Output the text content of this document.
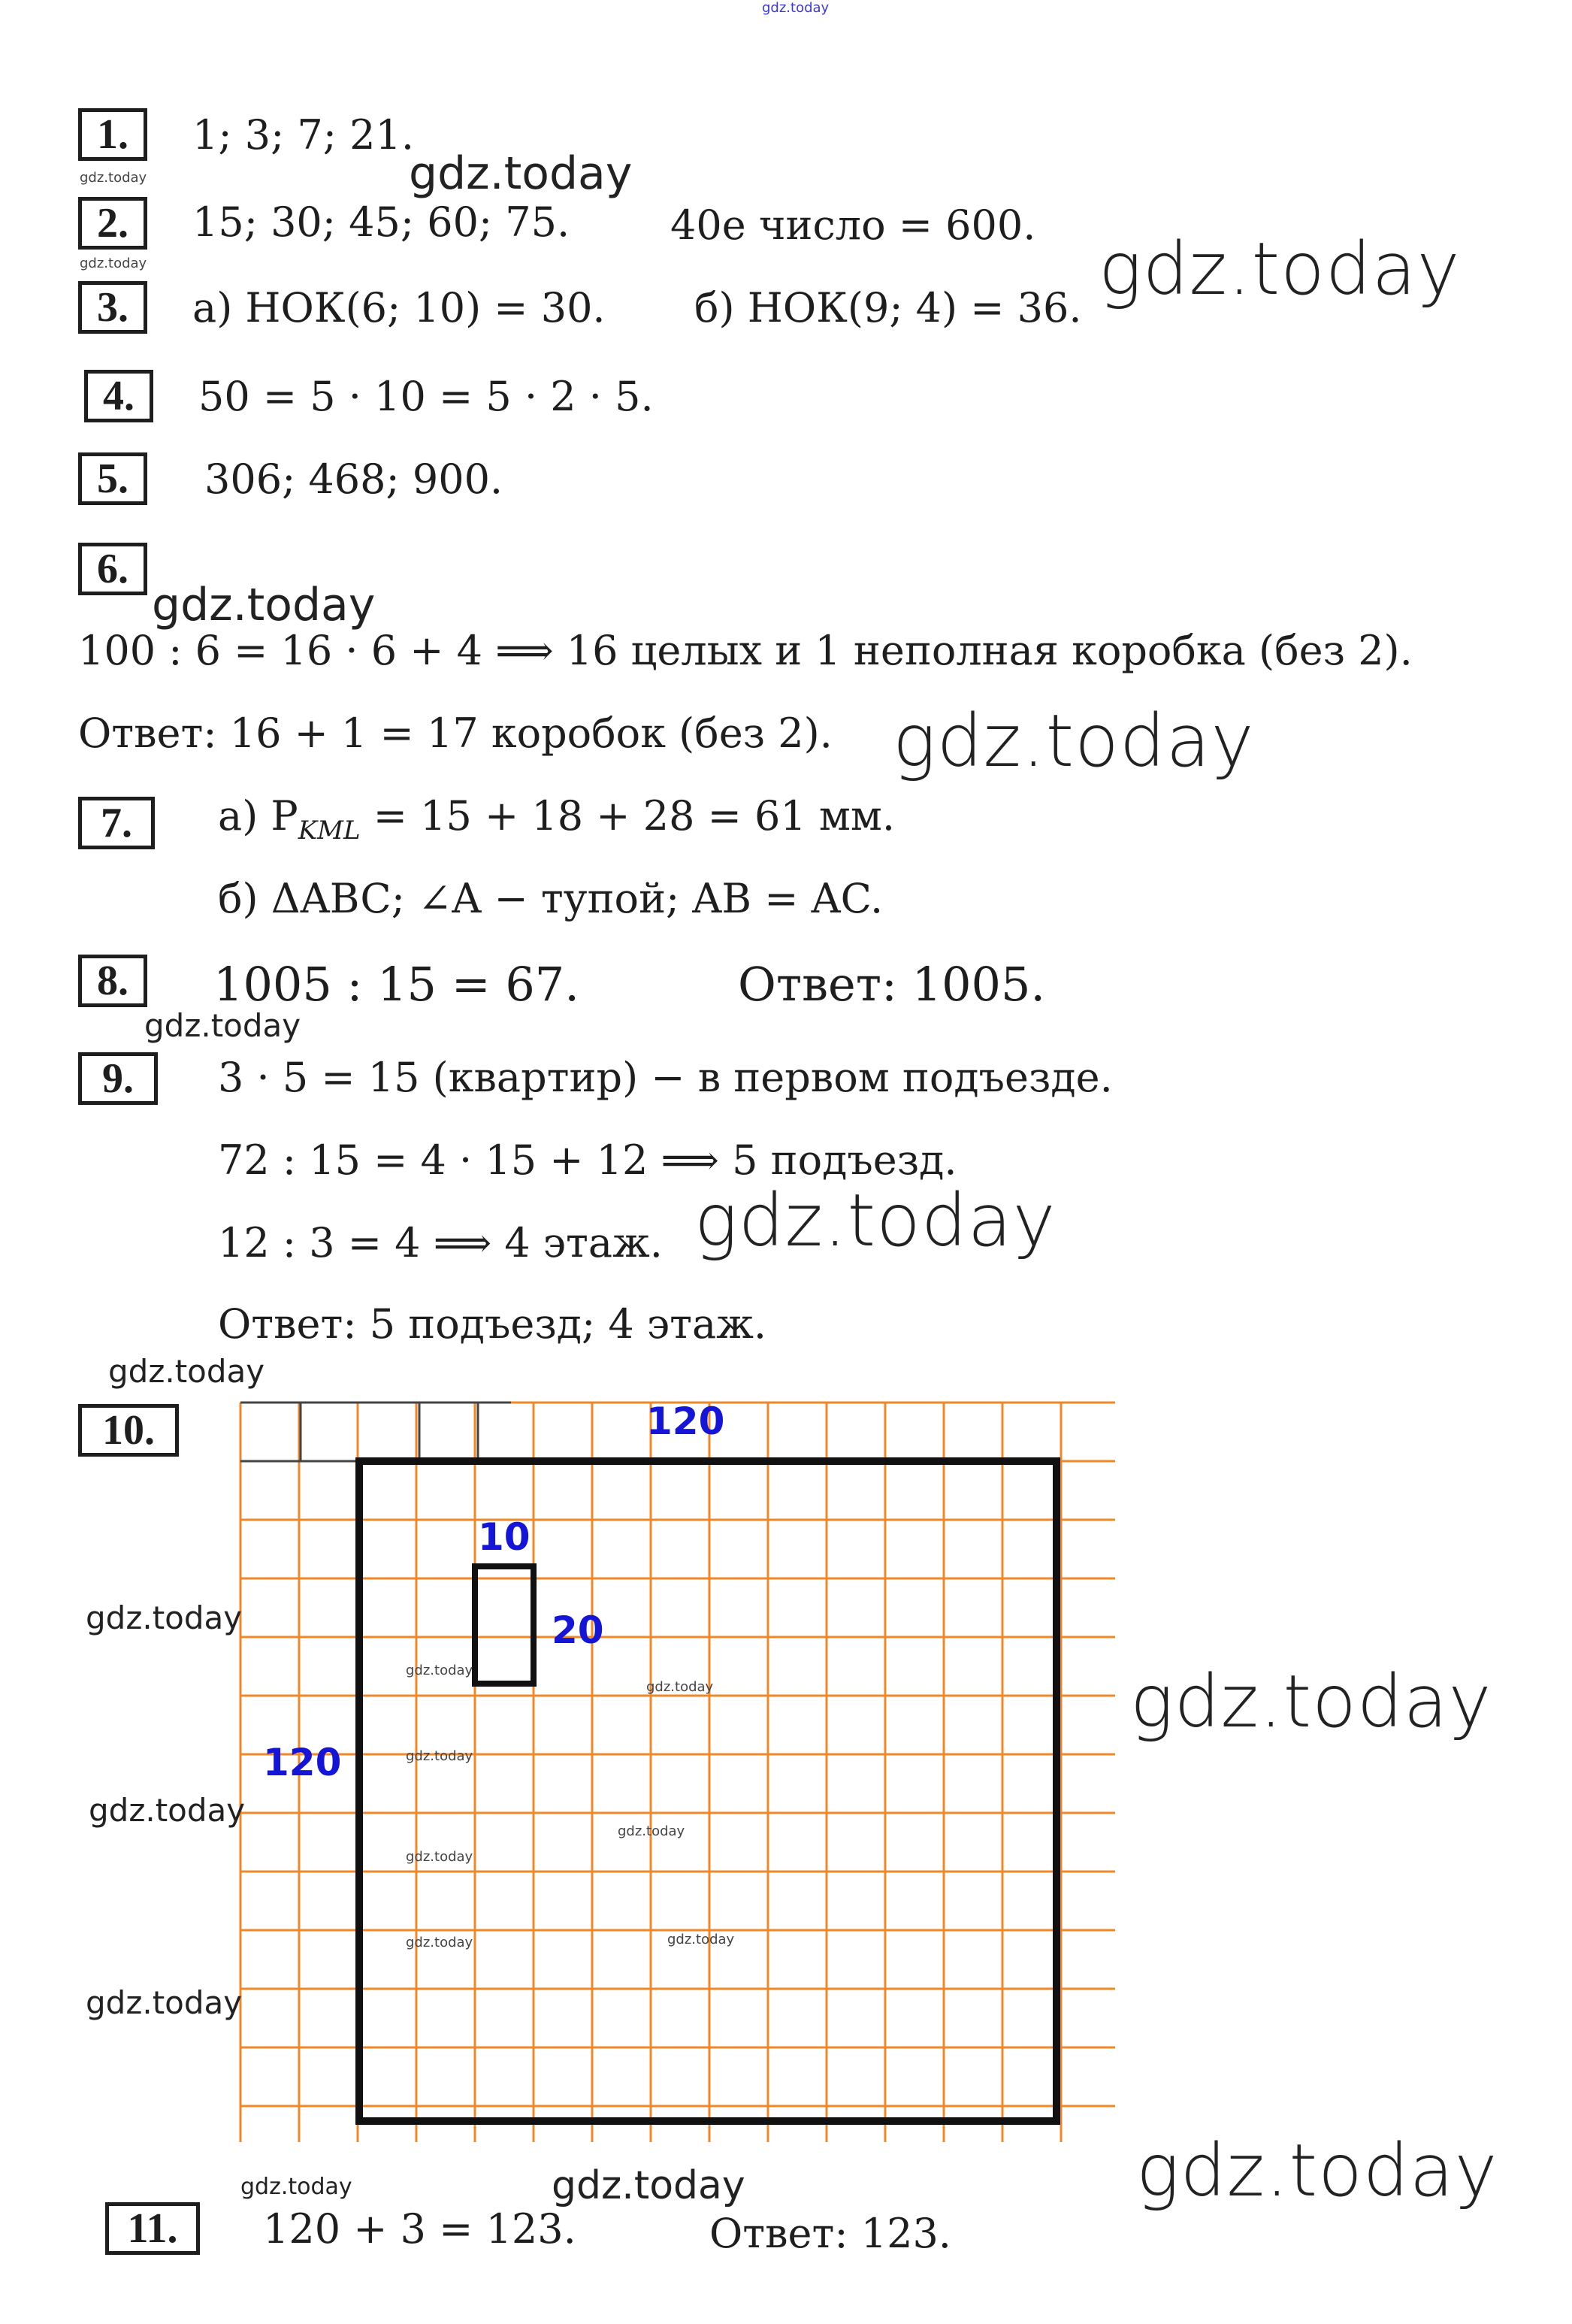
gdz.today
1.	1; 3; 7; 21.
gdz.today
gdz.today
2.	15; 30; 45; 60; 75. 40е число = 600.
gdz.today
3.	а) НОК(6; 10) = 30. б) НОК(9; 4) = 36. gdz.today
4.	50 = 5 · 10 = 5 · 2 · 5.
5.	306; 468; 900.
6.
gdz.today
100 : 6 = 16 · 6 + 4 ⟹ 16 целых и 1 неполная коробка (без 2).
Ответ: 16 + 1 = 17 коробок (без 2). gdz.today
7.	а) $P_{KML} = 15 + 18 + 28 = 61$ мм.
б) ΔABC; ∠A − тупой; AB = AC.
8.	1005 : 15 = 67.	Ответ: 1005.
gdz.today
9.	3 · 5 = 15 (квартир) − в первом подъезде.
72 : 15 = 4 · 15 + 12 ⟹ 5 подъезд.
12 : 3 = 4 ⟹ 4 этаж. gdz.today
Ответ: 5 подъезд; 4 этаж.
gdz.today
10.	120
10
20
120
gdz.today
gdz.today
gdz.today
gdz.today
gdz.today
gdz.today
gdz.today
gdz.today
gdz.today
gdz.today	gdz.today
gdz.today	gdz.today	gdz.today
11.	120 + 3 = 123.	Ответ: 123.
